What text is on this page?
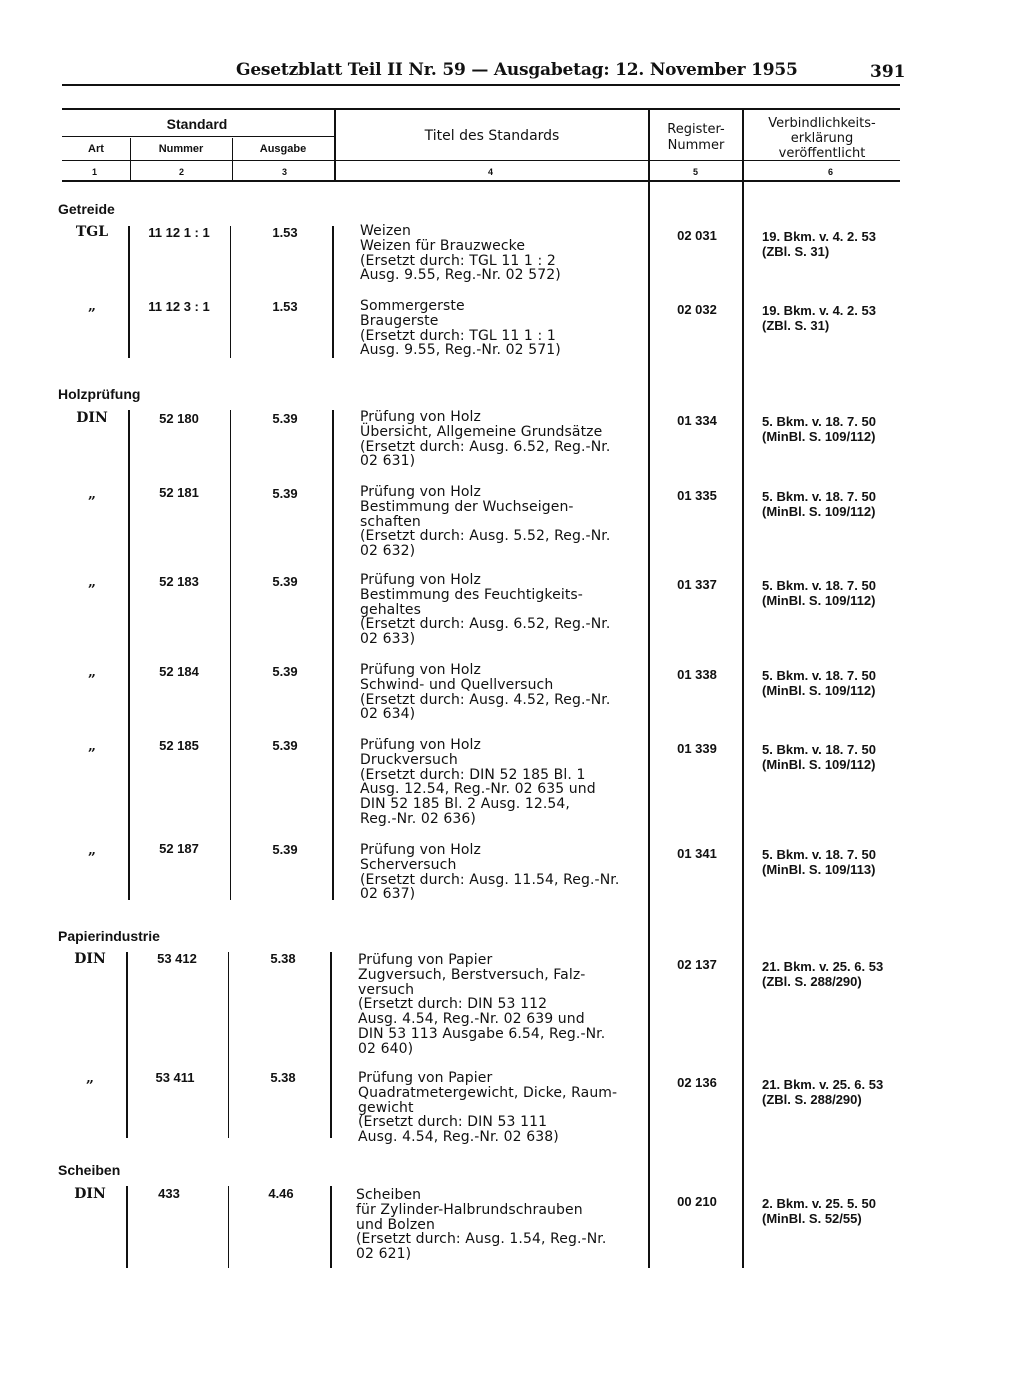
Gesetzblatt Teil II Nr. 59 — Ausgabetag: 12. November 1955	391
Standard
Art	Nummer	Ausgabe
Titel des Standards	Register-
Nummer
Verbindlichkeits-
erklärung
veröffentlicht
1	2	3	4	5	6
Getreide
Holzprüfung
Papierindustrie
Scheiben
TGL	11 12 1 : 1	1.53	Weizen
Weizen für Brauzwecke
(Ersetzt durch: TGL 11 1 : 2
Ausg. 9.55, Reg.-Nr. 02 572)
02 031	19. Bkm. v. 4. 2. 53
(ZBl. S. 31)
„	11 12 3 : 1	1.53	Sommergerste
Braugerste
(Ersetzt durch: TGL 11 1 : 1
Ausg. 9.55, Reg.-Nr. 02 571)
02 032	19. Bkm. v. 4. 2. 53
(ZBl. S. 31)
DIN	52 180	5.39	Prüfung von Holz
Übersicht, Allgemeine Grundsätze
(Ersetzt durch: Ausg. 6.52, Reg.-Nr.
02 631)
01 334	5. Bkm. v. 18. 7. 50
(MinBl. S. 109/112)
„	52 181	5.39	Prüfung von Holz
Bestimmung der Wuchseigen-
schaften
(Ersetzt durch: Ausg. 5.52, Reg.-Nr.
02 632)
01 335	5. Bkm. v. 18. 7. 50
(MinBl. S. 109/112)
„	52 183	5.39	Prüfung von Holz
Bestimmung des Feuchtigkeits-
gehaltes
(Ersetzt durch: Ausg. 6.52, Reg.-Nr.
02 633)
01 337	5. Bkm. v. 18. 7. 50
(MinBl. S. 109/112)
„	52 184	5.39	Prüfung von Holz
Schwind- und Quellversuch
(Ersetzt durch: Ausg. 4.52, Reg.-Nr.
02 634)
01 338	5. Bkm. v. 18. 7. 50
(MinBl. S. 109/112)
„	52 185	5.39	Prüfung von Holz
Druckversuch
(Ersetzt durch: DIN 52 185 Bl. 1
Ausg. 12.54, Reg.-Nr. 02 635 und
DIN 52 185 Bl. 2 Ausg. 12.54,
Reg.-Nr. 02 636)
01 339	5. Bkm. v. 18. 7. 50
(MinBl. S. 109/112)
„	52 187	5.39	Prüfung von Holz
Scherversuch
(Ersetzt durch: Ausg. 11.54, Reg.-Nr.
02 637)
01 341	5. Bkm. v. 18. 7. 50
(MinBl. S. 109/113)
DIN	53 412	5.38	Prüfung von Papier
Zugversuch, Berstversuch, Falz-
versuch
(Ersetzt durch: DIN 53 112
Ausg. 4.54, Reg.-Nr. 02 639 und
DIN 53 113 Ausgabe 6.54, Reg.-Nr.
02 640)
02 137	21. Bkm. v. 25. 6. 53
(ZBl. S. 288/290)
„	53 411	5.38	Prüfung von Papier
Quadratmetergewicht, Dicke, Raum-
gewicht
(Ersetzt durch: DIN 53 111
Ausg. 4.54, Reg.-Nr. 02 638)
02 136	21. Bkm. v. 25. 6. 53
(ZBl. S. 288/290)
DIN	433	4.46	Scheiben
für Zylinder-Halbrundschrauben
und Bolzen
(Ersetzt durch: Ausg. 1.54, Reg.-Nr.
02 621)
00 210	2. Bkm. v. 25. 5. 50
(MinBl. S. 52/55)
